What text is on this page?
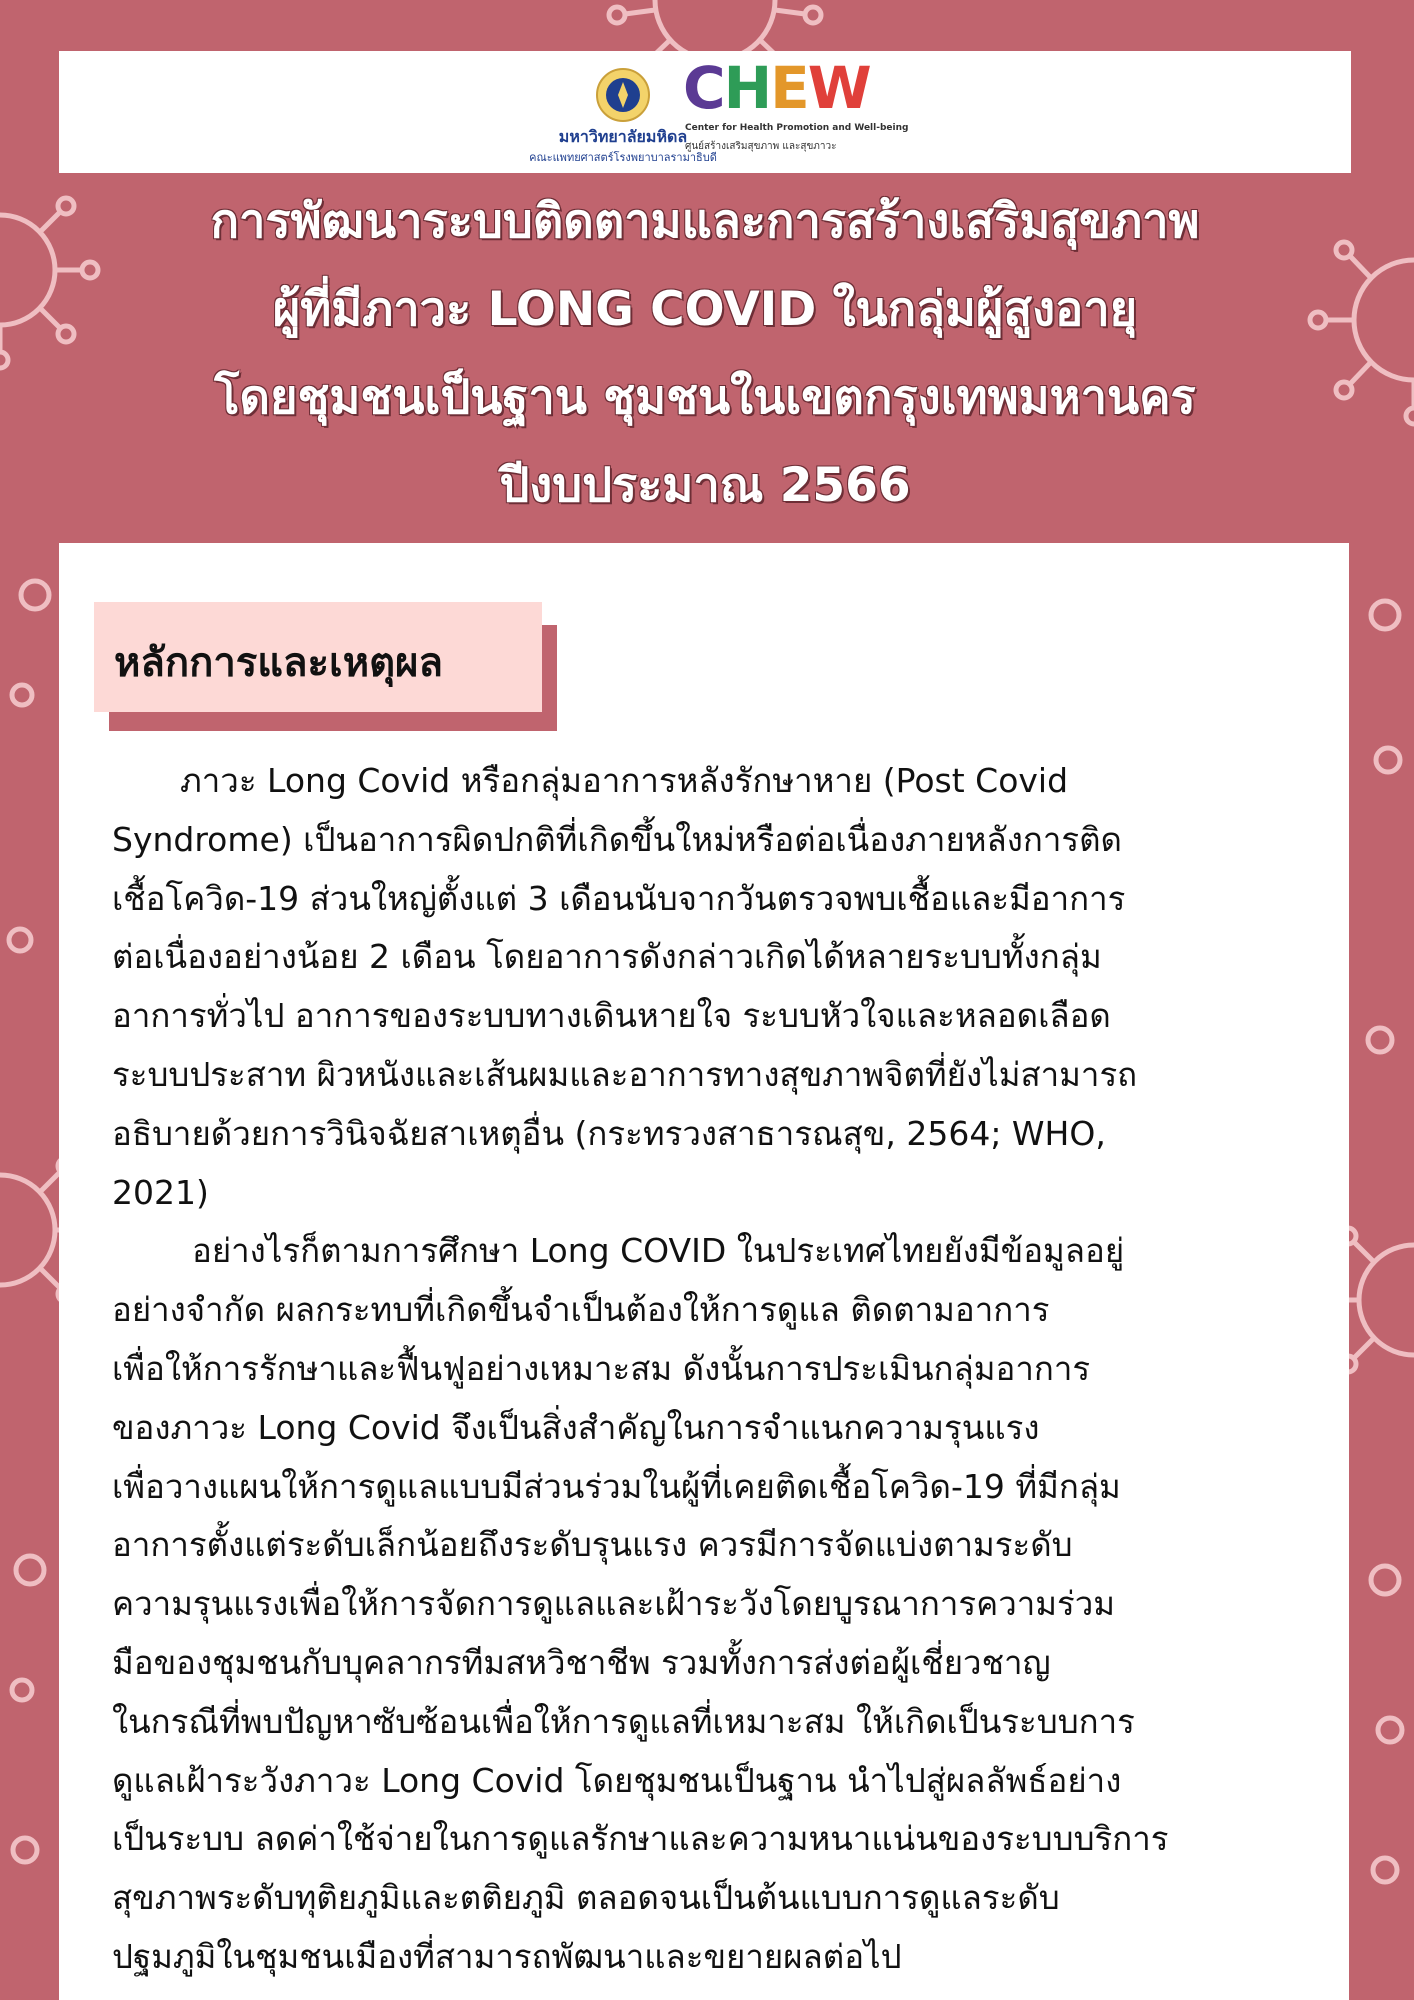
มหาวิทยาลัยมหิดล
คณะแพทยศาสตร์โรงพยาบาลรามาธิบดี
CHEW
Center for Health Promotion and Well-being
ศูนย์สร้างเสริมสุขภาพ และสุขภาวะ
การพัฒนาระบบติดตามและการสร้างเสริมสุขภาพ
ผู้ที่มีภาวะ LONG COVID ในกลุ่มผู้สูงอายุ
โดยชุมชนเป็นฐาน ชุมชนในเขตกรุงเทพมหานคร
ปีงบประมาณ 2566
หลักการและเหตุผล

ภาวะ Long Covid หรือกลุ่มอาการหลังรักษาหาย (Post Covid

Syndrome) เป็นอาการผิดปกติที่เกิดขึ้นใหม่หรือต่อเนื่องภายหลังการติด

เชื้อโควิด-19 ส่วนใหญ่ตั้งแต่ 3 เดือนนับจากวันตรวจพบเชื้อและมีอาการ

ต่อเนื่องอย่างน้อย 2 เดือน โดยอาการดังกล่าวเกิดได้หลายระบบทั้งกลุ่ม

อาการทั่วไป อาการของระบบทางเดินหายใจ ระบบหัวใจและหลอดเลือด

ระบบประสาท ผิวหนังและเส้นผมและอาการทางสุขภาพจิตที่ยังไม่สามารถ

อธิบายด้วยการวินิจฉัยสาเหตุอื่น (กระทรวงสาธารณสุข, 2564; WHO,

2021)

อย่างไรก็ตามการศึกษา Long COVID ในประเทศไทยยังมีข้อมูลอยู่

อย่างจำกัด ผลกระทบที่เกิดขึ้นจำเป็นต้องให้การดูแล ติดตามอาการ

เพื่อให้การรักษาและฟื้นฟูอย่างเหมาะสม ดังนั้นการประเมินกลุ่มอาการ

ของภาวะ Long Covid จึงเป็นสิ่งสำคัญในการจำแนกความรุนแรง

เพื่อวางแผนให้การดูแลแบบมีส่วนร่วมในผู้ที่เคยติดเชื้อโควิด-19 ที่มีกลุ่ม

อาการตั้งแต่ระดับเล็กน้อยถึงระดับรุนแรง ควรมีการจัดแบ่งตามระดับ

ความรุนแรงเพื่อให้การจัดการดูแลและเฝ้าระวังโดยบูรณาการความร่วม

มือของชุมชนกับบุคลากรทีมสหวิชาชีพ รวมทั้งการส่งต่อผู้เชี่ยวชาญ

ในกรณีที่พบปัญหาซับซ้อนเพื่อให้การดูแลที่เหมาะสม ให้เกิดเป็นระบบการ

ดูแลเฝ้าระวังภาวะ Long Covid โดยชุมชนเป็นฐาน นำไปสู่ผลลัพธ์อย่าง

เป็นระบบ ลดค่าใช้จ่ายในการดูแลรักษาและความหนาแน่นของระบบบริการ

สุขภาพระดับทุติยภูมิและตติยภูมิ ตลอดจนเป็นต้นแบบการดูแลระดับ

ปฐมภูมิในชุมชนเมืองที่สามารถพัฒนาและขยายผลต่อไป
